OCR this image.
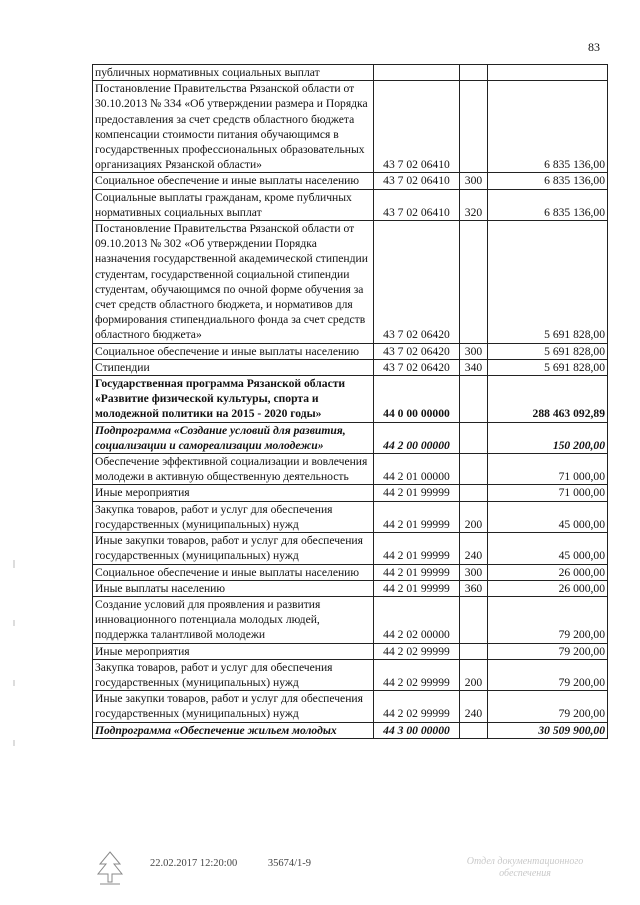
83
публичных нормативных социальных выплат			
Постановление Правительства Рязанской области от 30.10.2013 № 334 «Об утверждении размера и Порядка предоставления за счет средств областного бюджета компенсации стоимости питания обучающимся в государственных профессиональных образовательных организациях Рязанской области»	43 7 02 06410		6 835 136,00
Социальное обеспечение и иные выплаты населению	43 7 02 06410	300	6 835 136,00
Социальные выплаты гражданам, кроме публичных нормативных социальных выплат	43 7 02 06410	320	6 835 136,00
Постановление Правительства Рязанской области от 09.10.2013 № 302 «Об утверждении Порядка назначения государственной академической стипендии студентам, государственной социальной стипендии студентам, обучающимся по очной форме обучения за счет средств областного бюджета, и нормативов для формирования стипендиального фонда за счет средств областного бюджета»	43 7 02 06420		5 691 828,00
Социальное обеспечение и иные выплаты населению	43 7 02 06420	300	5 691 828,00
Стипендии	43 7 02 06420	340	5 691 828,00
Государственная программа Рязанской области «Развитие физической культуры, спорта и молодежной политики на 2015 - 2020 годы»	44 0 00 00000		288 463 092,89
Подпрограмма «Создание условий для развития, социализации и самореализации молодежи»	44 2 00 00000		150 200,00
Обеспечение эффективной социализации и вовлечения молодежи в активную общественную деятельность	44 2 01 00000		71 000,00
Иные мероприятия	44 2 01 99999		71 000,00
Закупка товаров, работ и услуг для обеспечения государственных (муниципальных) нужд	44 2 01 99999	200	45 000,00
Иные закупки товаров, работ и услуг для обеспечения государственных (муниципальных) нужд	44 2 01 99999	240	45 000,00
Социальное обеспечение и иные выплаты населению	44 2 01 99999	300	26 000,00
Иные выплаты населению	44 2 01 99999	360	26 000,00
Создание условий для проявления и развития инновационного потенциала молодых людей, поддержка талантливой молодежи	44 2 02 00000		79 200,00
Иные мероприятия	44 2 02 99999		79 200,00
Закупка товаров, работ и услуг для обеспечения государственных (муниципальных) нужд	44 2 02 99999	200	79 200,00
Иные закупки товаров, работ и услуг для обеспечения государственных (муниципальных) нужд	44 2 02 99999	240	79 200,00
Подпрограмма «Обеспечение жильем молодых	44 3 00 00000		30 509 900,00
22.02.2017 12:20:00	35674/1-9	Отдел документационного
обеспечения
